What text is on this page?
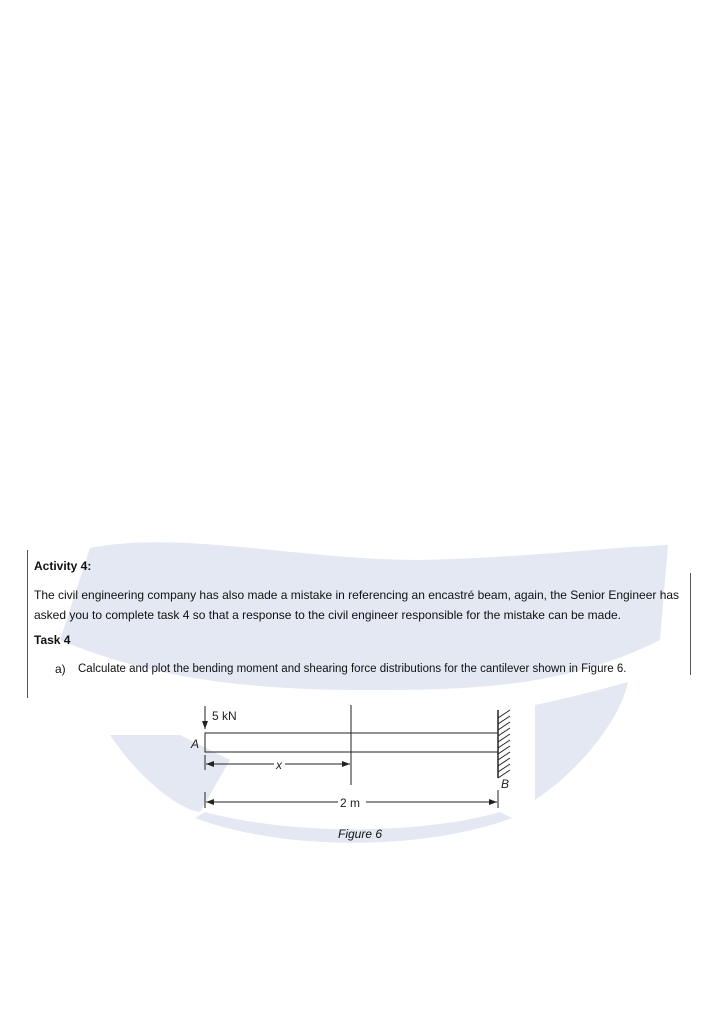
Activity 4:
The civil engineering company has also made a mistake in referencing an encastré beam, again, the Senior Engineer has asked you to complete task 4 so that a response to the civil engineer responsible for the mistake can be made.
Task 4
a) Calculate and plot the bending moment and shearing force distributions for the cantilever shown in Figure 6.
5 kN
A
B
x
2 m
Figure 6
